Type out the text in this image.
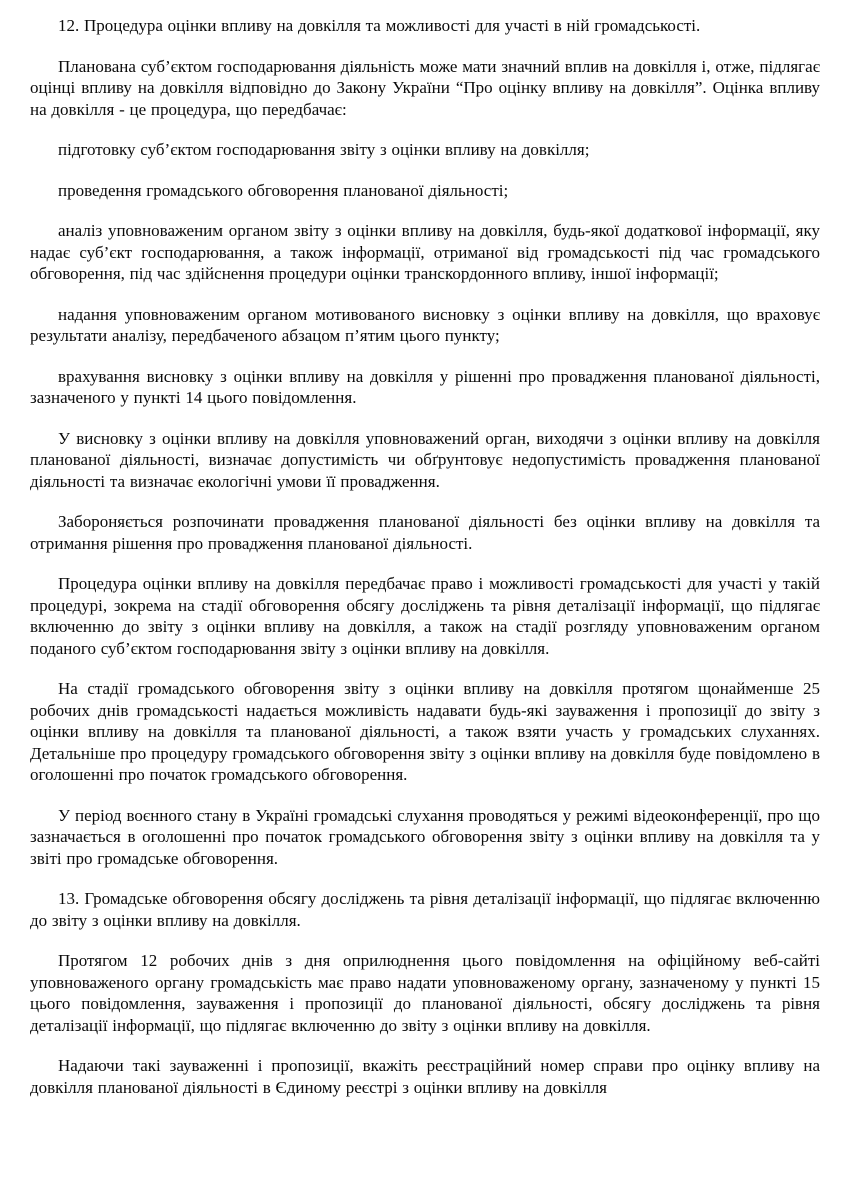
12. Процедура оцінки впливу на довкілля та можливості для участі в ній громадськості.

Планована суб’єктом господарювання діяльність може мати значний вплив на довкілля і, отже, підлягає оцінці впливу на довкілля відповідно до Закону України “Про оцінку впливу на довкілля”. Оцінка впливу на довкілля - це процедура, що передбачає:

підготовку суб’єктом господарювання звіту з оцінки впливу на довкілля;

проведення громадського обговорення планованої діяльності;

аналіз уповноваженим органом звіту з оцінки впливу на довкілля, будь-якої додаткової інформації, яку надає суб’єкт господарювання, а також інформації, отриманої від громадськості під час громадського обговорення, під час здійснення процедури оцінки транскордонного впливу, іншої інформації;

надання уповноваженим органом мотивованого висновку з оцінки впливу на довкілля, що враховує результати аналізу, передбаченого абзацом п’ятим цього пункту;

врахування висновку з оцінки впливу на довкілля у рішенні про провадження планованої діяльності, зазначеного у пункті 14 цього повідомлення.

У висновку з оцінки впливу на довкілля уповноважений орган, виходячи з оцінки впливу на довкілля планованої діяльності, визначає допустимість чи обґрунтовує недопустимість провадження планованої діяльності та визначає екологічні умови її провадження.

Забороняється розпочинати провадження планованої діяльності без оцінки впливу на довкілля та отримання рішення про провадження планованої діяльності.

Процедура оцінки впливу на довкілля передбачає право і можливості громадськості для участі у такій процедурі, зокрема на стадії обговорення обсягу досліджень та рівня деталізації інформації, що підлягає включенню до звіту з оцінки впливу на довкілля, а також на стадії розгляду уповноваженим органом поданого суб’єктом господарювання звіту з оцінки впливу на довкілля.

На стадії громадського обговорення звіту з оцінки впливу на довкілля протягом щонайменше 25 робочих днів громадськості надається можливість надавати будь-які зауваження і пропозиції до звіту з оцінки впливу на довкілля та планованої діяльності, а також взяти участь у громадських слуханнях. Детальніше про процедуру громадського обговорення звіту з оцінки впливу на довкілля буде повідомлено в оголошенні про початок громадського обговорення.

У період воєнного стану в Україні громадські слухання проводяться у режимі відеоконференції, про що зазначається в оголошенні про початок громадського обговорення звіту з оцінки впливу на довкілля та у звіті про громадське обговорення.

13. Громадське обговорення обсягу досліджень та рівня деталізації інформації, що підлягає включенню до звіту з оцінки впливу на довкілля.

Протягом 12 робочих днів з дня оприлюднення цього повідомлення на офіційному веб-сайті уповноваженого органу громадськість має право надати уповноваженому органу, зазначеному у пункті 15 цього повідомлення, зауваження і пропозиції до планованої діяльності, обсягу досліджень та рівня деталізації інформації, що підлягає включенню до звіту з оцінки впливу на довкілля.

Надаючи такі зауваженні і пропозиції, вкажіть реєстраційний номер справи про оцінку впливу на довкілля планованої діяльності в Єдиному реєстрі з оцінки впливу на довкілля
